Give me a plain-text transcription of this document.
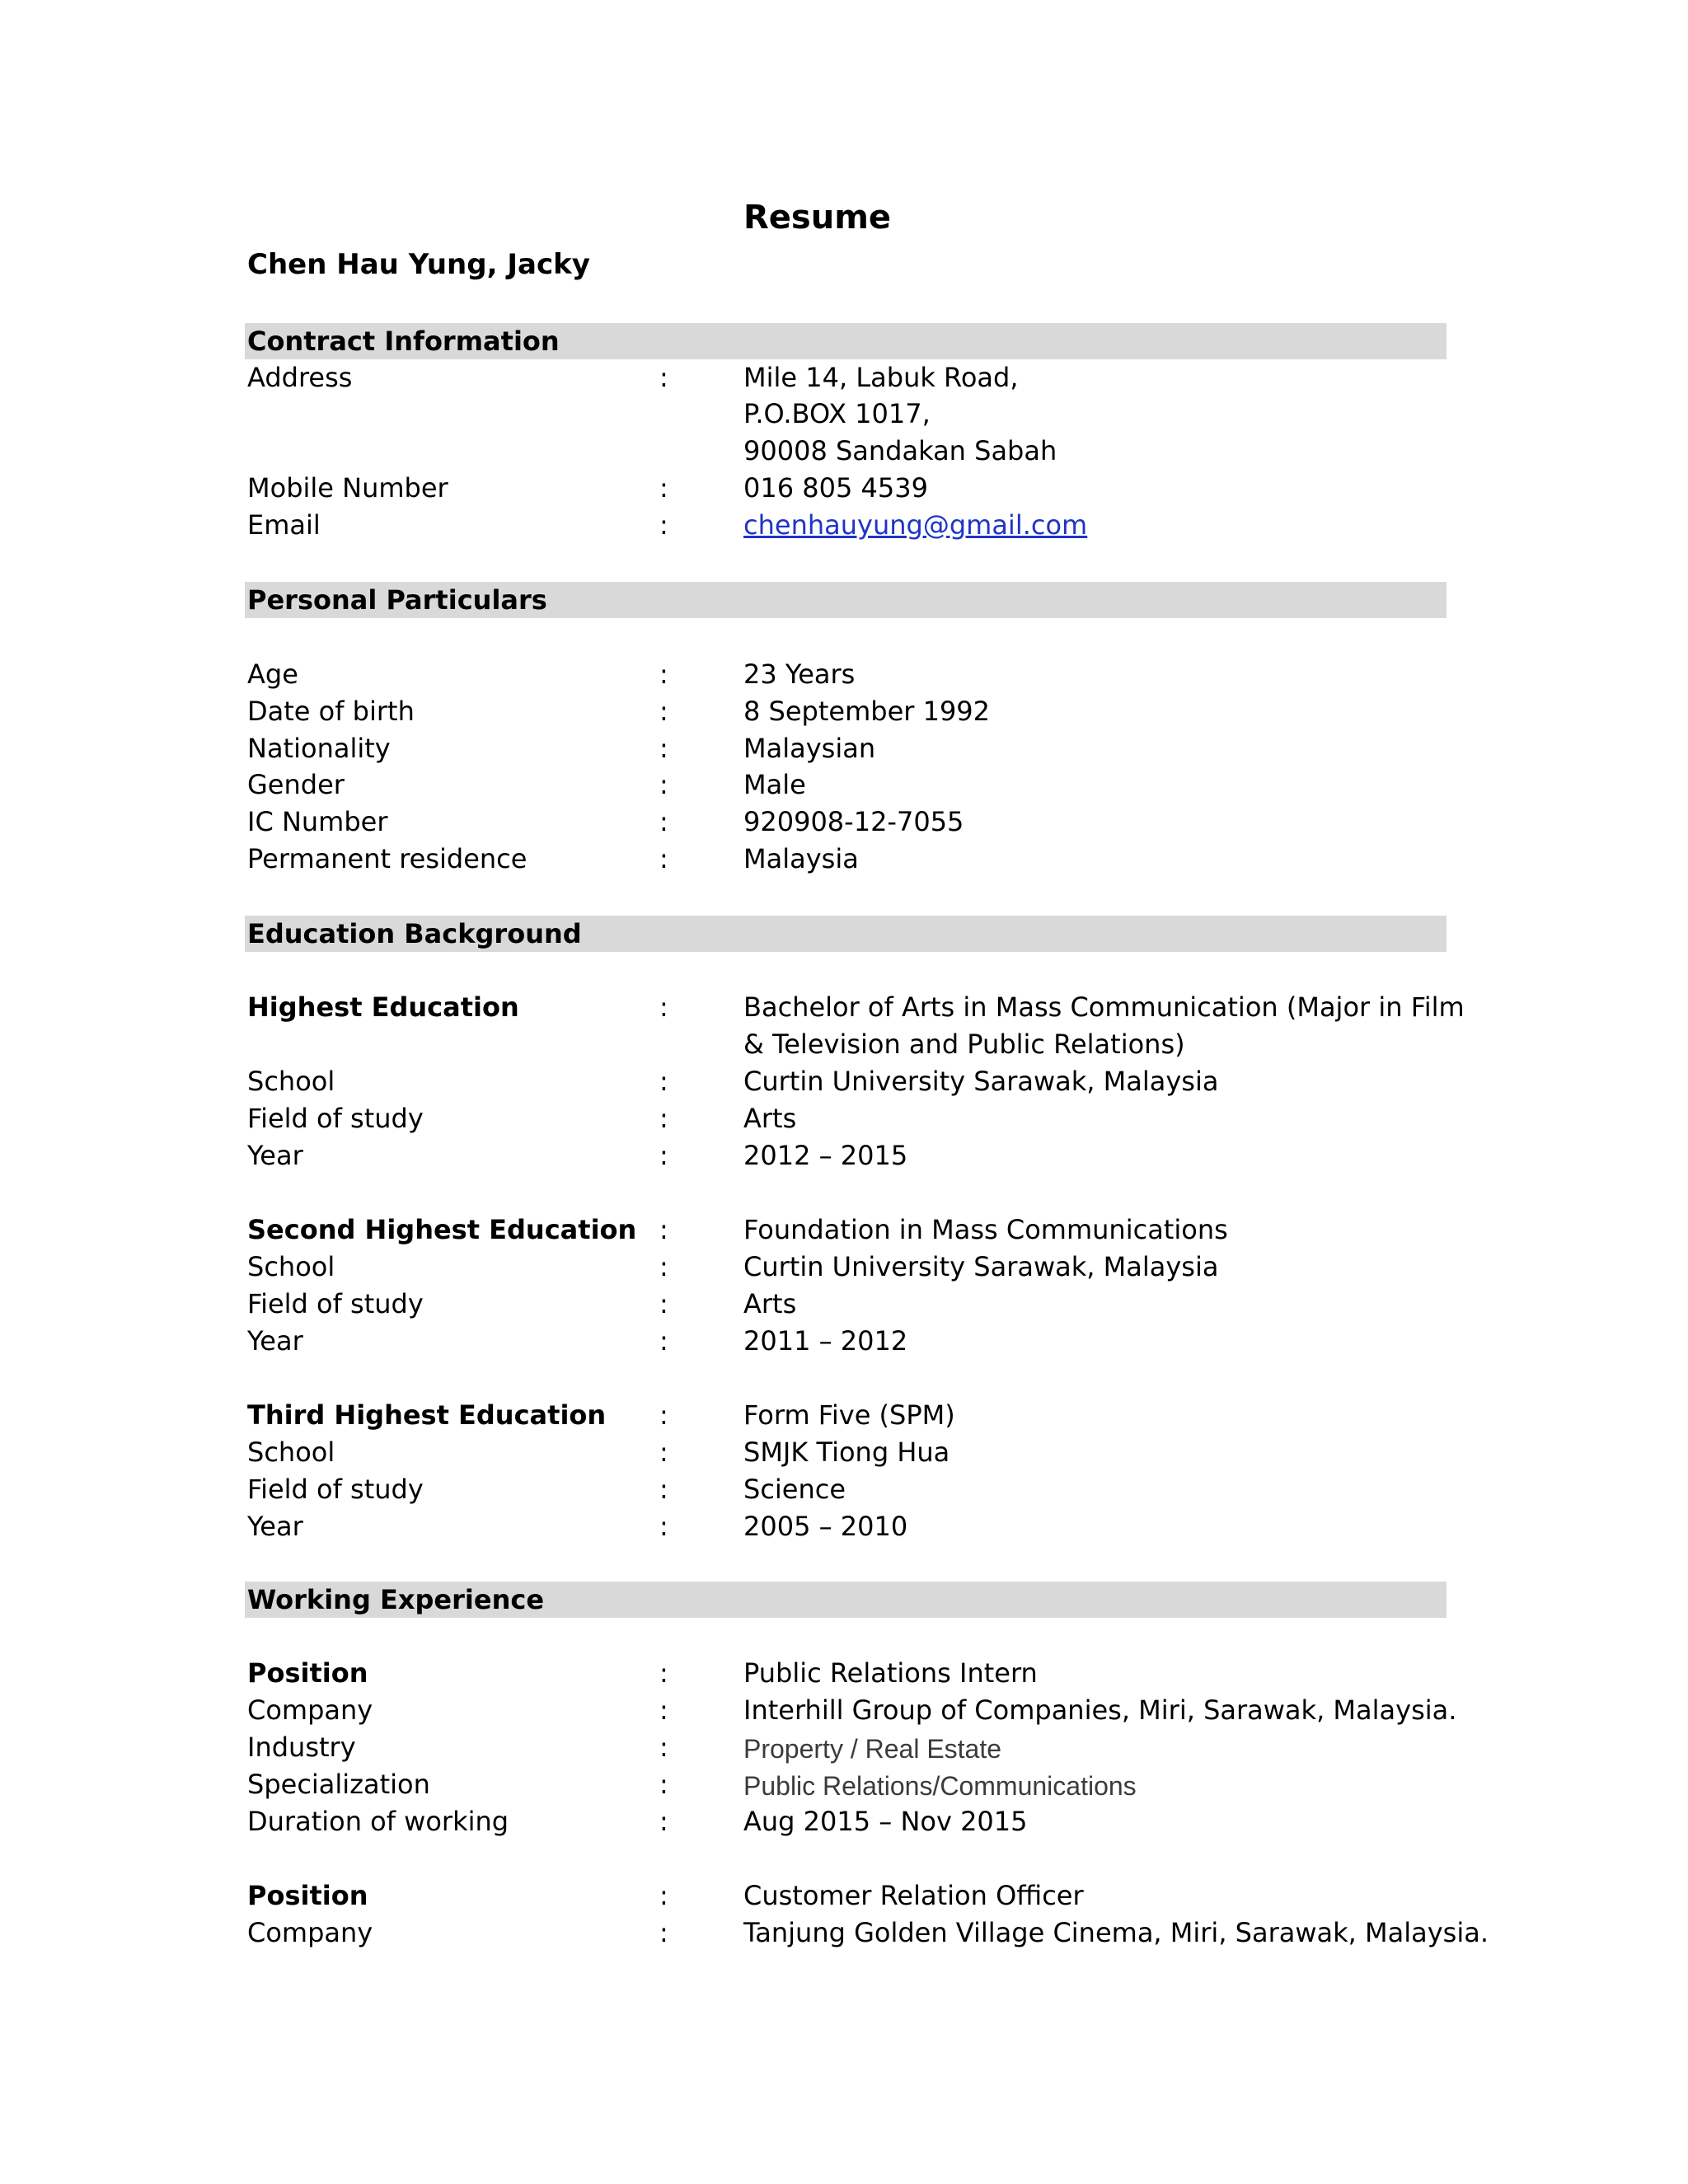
Resume
Chen Hau Yung, Jacky
Contract Information
Address	:	Mile 14, Labuk Road,
P.O.BOX 1017,
90008 Sandakan Sabah
Mobile Number	:	016 805 4539
Email	:	chenhauyung@gmail.com
Personal Particulars
Age	:	23 Years
Date of birth	:	8 September 1992
Nationality	:	Malaysian
Gender	:	Male
IC Number	:	920908-12-7055
Permanent residence	:	Malaysia
Education Background
Highest Education	:	Bachelor of Arts in Mass Communication (Major in Film
& Television and Public Relations)
School	:	Curtin University Sarawak, Malaysia
Field of study	:	Arts
Year	:	2012 – 2015
Second Highest Education :	Foundation in Mass Communications
School	:	Curtin University Sarawak, Malaysia
Field of study	:	Arts
Year	:	2011 – 2012
Third Highest Education :	Form Five (SPM)
School	:	SMJK Tiong Hua
Field of study	:	Science
Year	:	2005 – 2010
Working Experience
Position	:	Public Relations Intern
Company	:	Interhill Group of Companies, Miri, Sarawak, Malaysia.
Industry	:	Property / Real Estate
Specialization	:	Public Relations/Communications
Duration of working	:	Aug 2015 – Nov 2015
Position	:	Customer Relation Officer
Company	:	Tanjung Golden Village Cinema, Miri, Sarawak, Malaysia.
